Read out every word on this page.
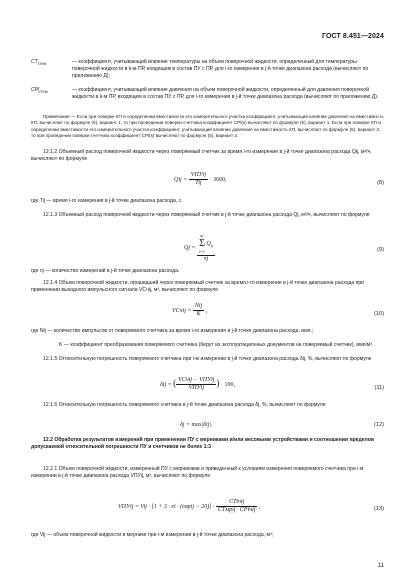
ГОСТ 8.451—2024
$CT_{ПУtk}$	— коэффициент, учитывающий влияние температуры на объем поверочной жидкости, определенный для температуры поверочной жидкости в k-м ПР, входящем в состав ПУ с ПР, для i-го измерения в j-й точке диапазона расхода (вычисляют по приложению Д);
CPl$_{ПУtk}$	— коэффициент, учитывающий влияние давления на объем поверочной жидкости, определенный для давления поверочной жидкости в k-м ПР, входящем в состав ПУ с ПР, для i-го измерения в j-й точке диапазона расхода (вычисляют по приложению Д).
Примечание — Если при поверке КП и определении вместимости его измерительного участка коэффициент, учитывающий влияние давления на вместимость КП, вычисляют по формуле (6), вариант 1, то при проведении поверки счетчика коэффициент CPl(s) вычисляют по формуле (5), вариант 1. Если при поверке КП и определении вместимости его измерительного участка коэффициент, учитывающий влияние давления на вместимость КП, вычисляют по формуле (5), вариант 2, то при проведении поверки счетчика коэффициент CPl(s) вычисляют по формуле (5), вариант 2.
12.1.2 Объемный расход поверочной жидкости через поверяемый счетчик за время i-го измерение в j-й точке диапазона расхода Qij, м³/ч, вычисляют по формуле
Qij = $\frac{\text{VПУij}}{\text{Tij}} \cdot 3600$,
(8)
где Tij — время i-го измерения в j-й точке диапазона расхода, с.
12.1.3 Объемный расход поверочной жидкости через поверяемый счетчик в j-й точке диапазона расхода Qj, м³/ч, вычисляют по формуле
Qj = nj
Σ
i=1
$Q_{ij}$
nj	(9)
где nj — количество измерений в j-й точке диапазона расхода.
12.1.4 Объем поверочной жидкости, прошедший через поверяемый счетчик за время i-го измерение в j-й точке диапазона расхода при применении выходного импульсного сигнала VCчij, м³, вычисляют по формуле
VCчij = $\frac{\text{Nij}}{K}$ ,
(10)
где Nij — количество импульсов от поверяемого счетчика за время i-го измерения в j-й точке диапазона расхода, имп.;
K — коэффициент преобразования поверяемого счетчика (берут из эксплуатационных документов на поверяемый счетчик), имп/м³.
12.1.5 Относительную погрешность поверяемого счетчика при i-м измерении в j-й точке диапазона расхода δij, %, вычисляют по формуле
δij = ( $\frac{\text{VCчij − VПУij}}{\text{VПУij}}$ ) · 100,
(11)
12.1.6 Относительную погрешность поверяемого счетчика в j-й точке диапазона расхода δj, %, вычисляют по формуле
δj = max|δij|.	(12)
12.2 Обработка результатов измерений при применении ПУ с мерниками и/или весовыми устройствами и соотношении пределов допускаемой относительной погрешности ПУ и счетчиков не более 1:3
12.2.1 Объем поверочной жидкости, измеренный ПУ с мерниками и приведенный к условиям измерения поверяемого счетчика при i-м измерении в j-й точке диапазона расхода VПУij, м³, вычисляют по формуле
VПУij = Vij · [1 + 3 · ei · (tмрij − $20)] \cdot \frac{\text{CTtчij}}{\text{CTмрij · CPtчij}}$ ,	(13)
где Vij — объем поверочной жидкости в мернике при i-м измерении в j-й точке диапазона расхода, м³;
11
